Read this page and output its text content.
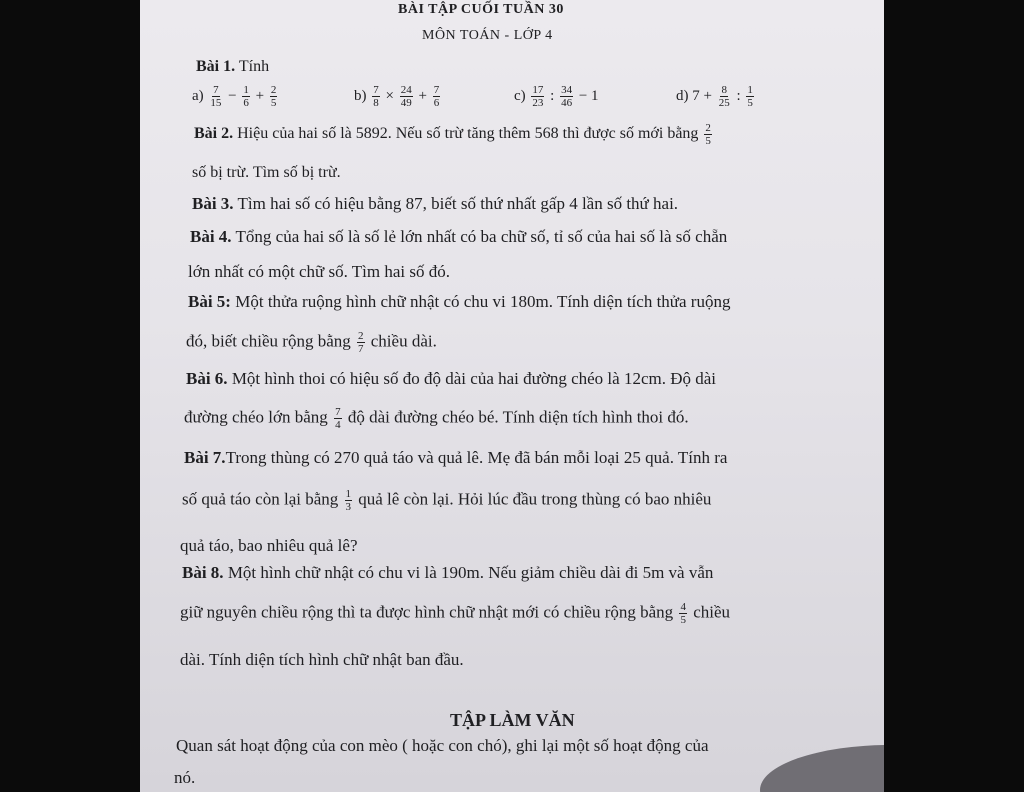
BÀI TẬP CUỐI TUẦN 30
MÔN TOÁN - LỚP 4
Bài 1. Tính
$a) \frac{7}{15} - \frac{1}{6} + \frac{2}{5}$	$b) \frac{7}{8} \times \frac{24}{49} + \frac{7}{6}$	$c) \frac{17}{23}$ : $\frac{34}{46} - 1$	d) $7 + \frac{8}{25}$ : $\frac{1}{5}$
Bài 2. Hiệu của hai số là 5892. Nếu số trừ tăng thêm 568 thì được số mới bằng $\frac{2}{5}$
số bị trừ. Tìm số bị trừ.
Bài 3. Tìm hai số có hiệu bằng 87, biết số thứ nhất gấp 4 lần số thứ hai.
Bài 4. Tổng của hai số là số lẻ lớn nhất có ba chữ số, tỉ số của hai số là số chẵn
lớn nhất có một chữ số. Tìm hai số đó.
Bài 5: Một thửa ruộng hình chữ nhật có chu vi 180m. Tính diện tích thửa ruộng
đó, biết chiều rộng bằng $\frac{2}{7}$ chiều dài.
Bài 6. Một hình thoi có hiệu số đo độ dài của hai đường chéo là 12cm. Độ dài
đường chéo lớn bằng $\frac{7}{4}$ độ dài đường chéo bé. Tính diện tích hình thoi đó.
Bài 7.Trong thùng có 270 quả táo và quả lê. Mẹ đã bán mỗi loại 25 quả. Tính ra
số quả táo còn lại bằng $\frac{1}{3}$ quả lê còn lại. Hỏi lúc đầu trong thùng có bao nhiêu
quả táo, bao nhiêu quả lê?
Bài 8. Một hình chữ nhật có chu vi là 190m. Nếu giảm chiều dài đi 5m và vẫn
giữ nguyên chiều rộng thì ta được hình chữ nhật mới có chiều rộng bằng $\frac{4}{5}$ chiều
dài. Tính diện tích hình chữ nhật ban đầu.
TẬP LÀM VĂN
Quan sát hoạt động của con mèo ( hoặc con chó), ghi lại một số hoạt động của
nó.
